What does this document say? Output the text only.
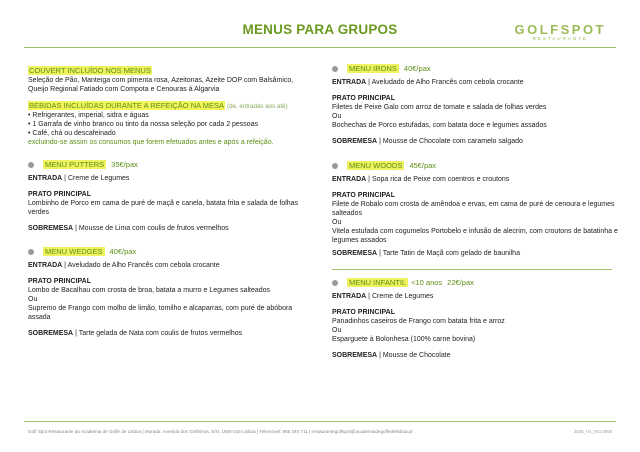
MENUS PARA GRUPOS	GOLFSPOT
RESTAURANTE
COUVERT INCLUÍDO NOS MENUS
Seleção de Pão, Manteiga com pimenta rosa, Azeitonas, Azeite DOP com Balsâmico,
Queijo Regional Fatiado com Compota e Cenouras à Algarvia
BEBIDAS INCLUÍDAS DURANTE A REFEIÇÃO NA MESA (de, entradas aos até)
• Refrigerantes, imperial, sidra e águas
• 1 Garrafa de vinho branco ou tinto da nossa seleção por cada 2 pessoas
• Café, chá ou descafeinado
excluindo-se assim os consumos que forem efetuados antes e após a refeição.
MENU PUTTERS 35€/pax
ENTRADA | Creme de Legumes
PRATO PRINCIPAL
Lombinho de Porco em cama de puré de maçã e canela, batata frita e salada de folhas verdes
SOBREMESA | Mousse de Lima com coulis de frutos vermelhos
MENU WEDGES 40€/pax
ENTRADA | Aveludado de Alho Francês com cebola crocante
PRATO PRINCIPAL
Lombo de Bacalhau com crosta de broa, batata a murro e Legumes salteados
Ou
Supremo de Frango com molho de limão, tomilho e alcaparras, com puré de abóbora assada
SOBREMESA | Tarte gelada de Nata com coulis de frutos vermelhos
MENU IRONS 40€/pax
ENTRADA | Aveludado de Alho Francês com cebola crocante
PRATO PRINCIPAL
Filetes de Peixe Galo com arroz de tomate e salada de folhas verdes
Ou
Bochechas de Porco estufadas, com batata doce e legumes assados
SOBREMESA | Mousse de Chocolate com caramelo salgado
MENU WOODS 45€/pax
ENTRADA | Sopa rica de Peixe com coentros e croutons
PRATO PRINCIPAL
Filete de Robalo com crosta de amêndoa e ervas, em cama de puré de cenoura e legumes salteados
Ou
Vitela estufada com cogumelos Portobelo e infusão de alecrim, com croutons de batatinha e legumes assados
SOBREMESA | Tarte Tatin de Maçã com gelado de baunilha
MENU INFANTIL <10 anos 22€/pax
ENTRADA | Creme de Legumes
PRATO PRINCIPAL
Panadinhos caseiros de Frango com batata frita e arroz
Ou
Esparguete à Bolonhesa (100% carne bovina)
SOBREMESA | Mousse de Chocolate
Golf Spot Restaurante da Academia de Golfe de Lisboa | Morada: Avenida dos Golfinhos, S/N, 1600-215 Lisboa | Telemóvel: 965 340 711 | restaurantegolfspot@academiadegolfedelisboa.pt	2025_V4_V01.0000
